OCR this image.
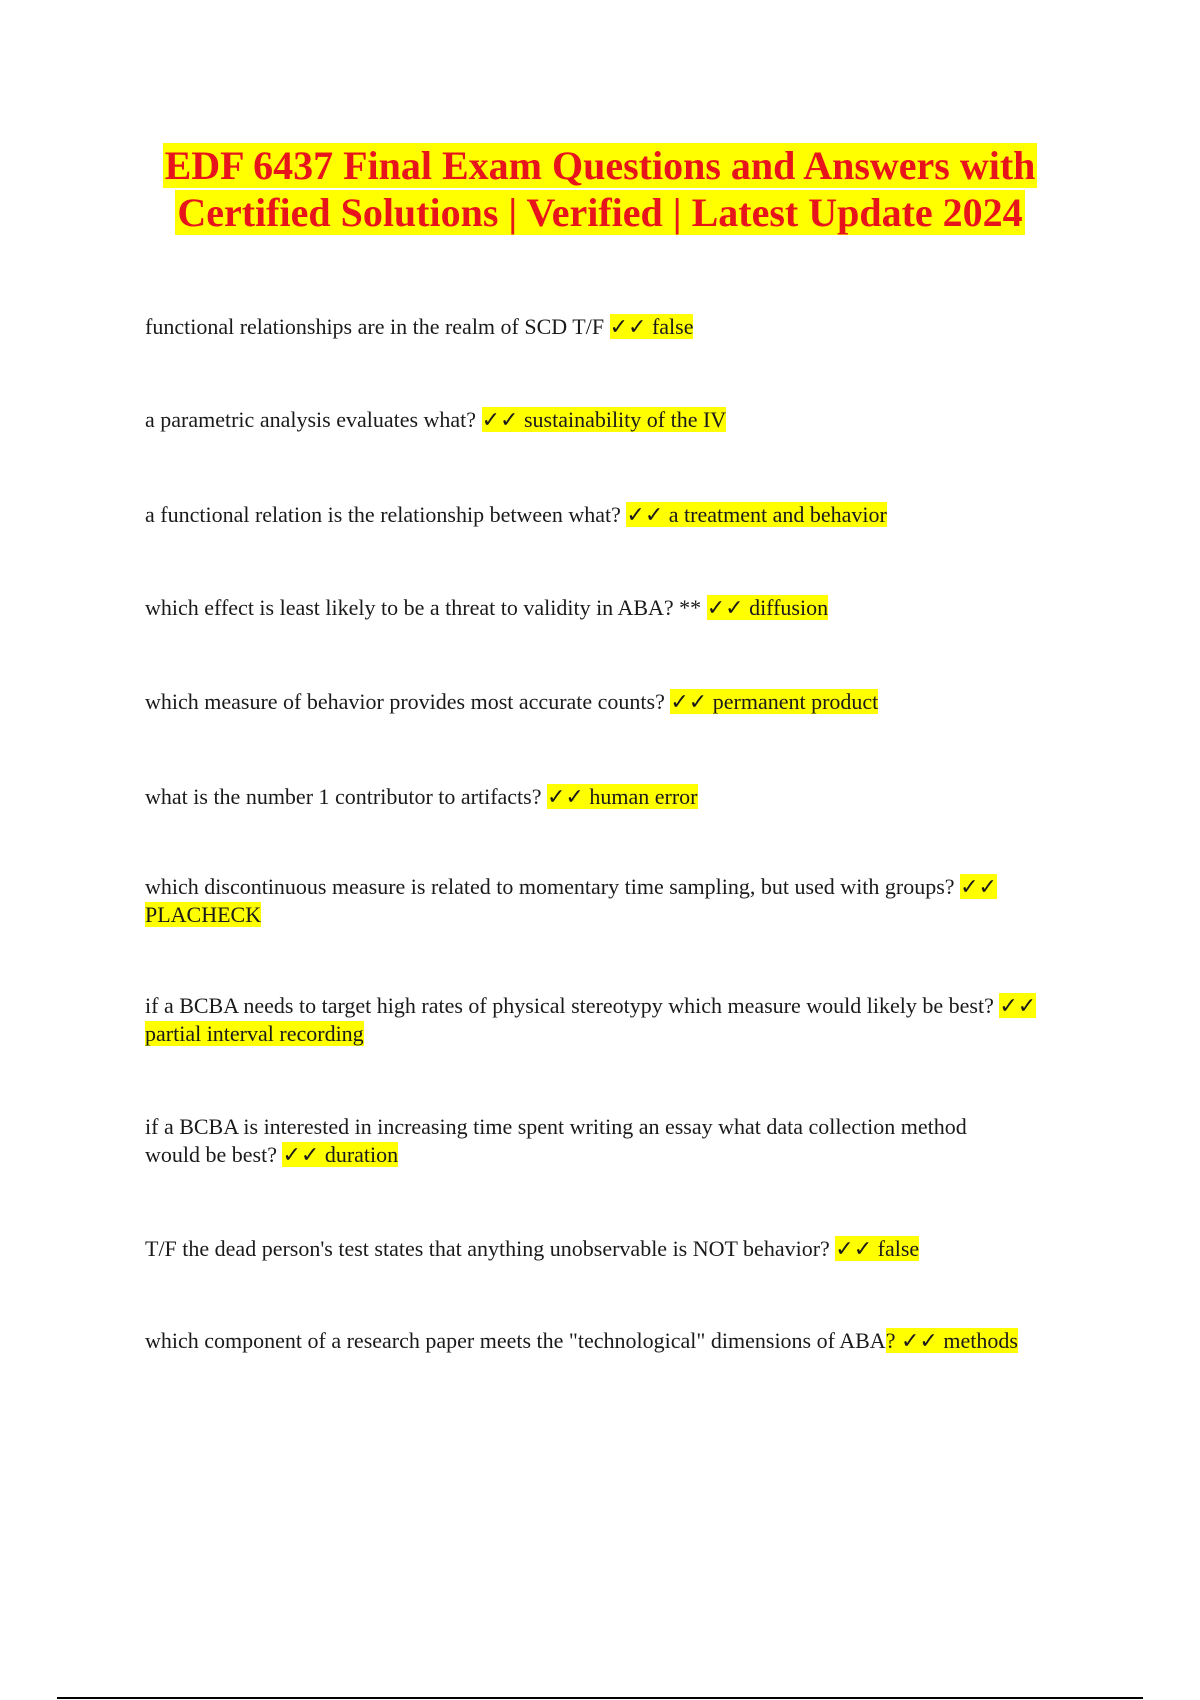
EDF 6437 Final Exam Questions and Answers with
Certified Solutions | Verified | Latest Update 2024
functional relationships are in the realm of SCD T/F ✓✓ false
a parametric analysis evaluates what? ✓✓ sustainability of the IV
a functional relation is the relationship between what? ✓✓ a treatment and behavior
which effect is least likely to be a threat to validity in ABA? ** ✓✓ diffusion
which measure of behavior provides most accurate counts? ✓✓ permanent product
what is the number 1 contributor to artifacts? ✓✓ human error
which discontinuous measure is related to momentary time sampling, but used with groups? ✓✓ PLACHECK
if a BCBA needs to target high rates of physical stereotypy which measure would likely be best? ✓✓ partial interval recording
if a BCBA is interested in increasing time spent writing an essay what data collection method would be best? ✓✓ duration
T/F the dead person's test states that anything unobservable is NOT behavior? ✓✓ false
which component of a research paper meets the "technological" dimensions of ABA? ✓✓ methods
